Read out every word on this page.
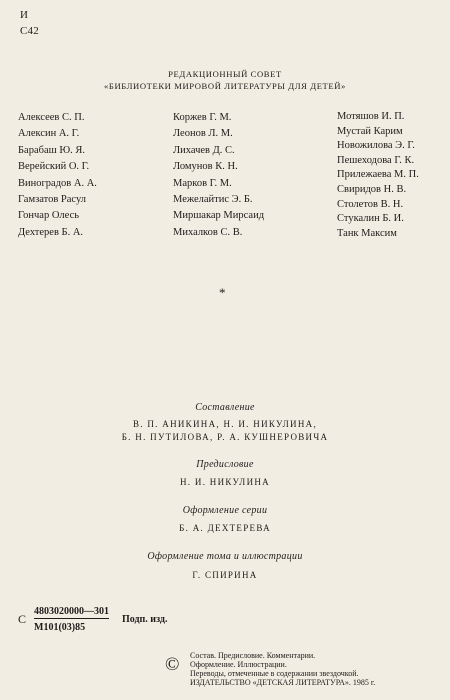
И
С42
РЕДАКЦИОННЫЙ СОВЕТ
«БИБЛИОТЕКИ МИРОВОЙ ЛИТЕРАТУРЫ ДЛЯ ДЕТЕЙ»
Алексеев С. П.
Алексин А. Г.
Барабаш Ю. Я.
Верейский О. Г.
Виноградов А. А.
Гамзатов Расул
Гончар Олесь
Дехтерев Б. А.
Коржев Г. М.
Леонов Л. М.
Лихачев Д. С.
Ломунов К. Н.
Марков Г. М.
Межелайтис Э. Б.
Миршакар Мирсаид
Михалков С. В.
Мотяшов И. П.
Мустай Карим
Новожилова Э. Г.
Пешеходова Г. К.
Прилежаева М. П.
Свиридов Н. В.
Столетов В. Н.
Стукалин Б. И.
Танк Максим
*
Составление
В. П. АНИКИНА, Н. И. НИКУЛИНА,
Б. Н. ПУТИЛОВА, Р. А. КУШНЕРОВИЧА
Предисловие
Н. И. НИКУЛИНА
Оформление серии
Б. А. ДЕХТЕРЕВА
Оформление тома и иллюстрации
Г. СПИРИНА
С
4803020000—301
М101(03)85
Подп. изд.
© Состав. Предисловие. Комментарии.
Оформление. Иллюстрации.
Переводы, отмеченные в содержании звездочкой.
ИЗДАТЕЛЬСТВО «ДЕТСКАЯ ЛИТЕРАТУРА». 1985 г.
